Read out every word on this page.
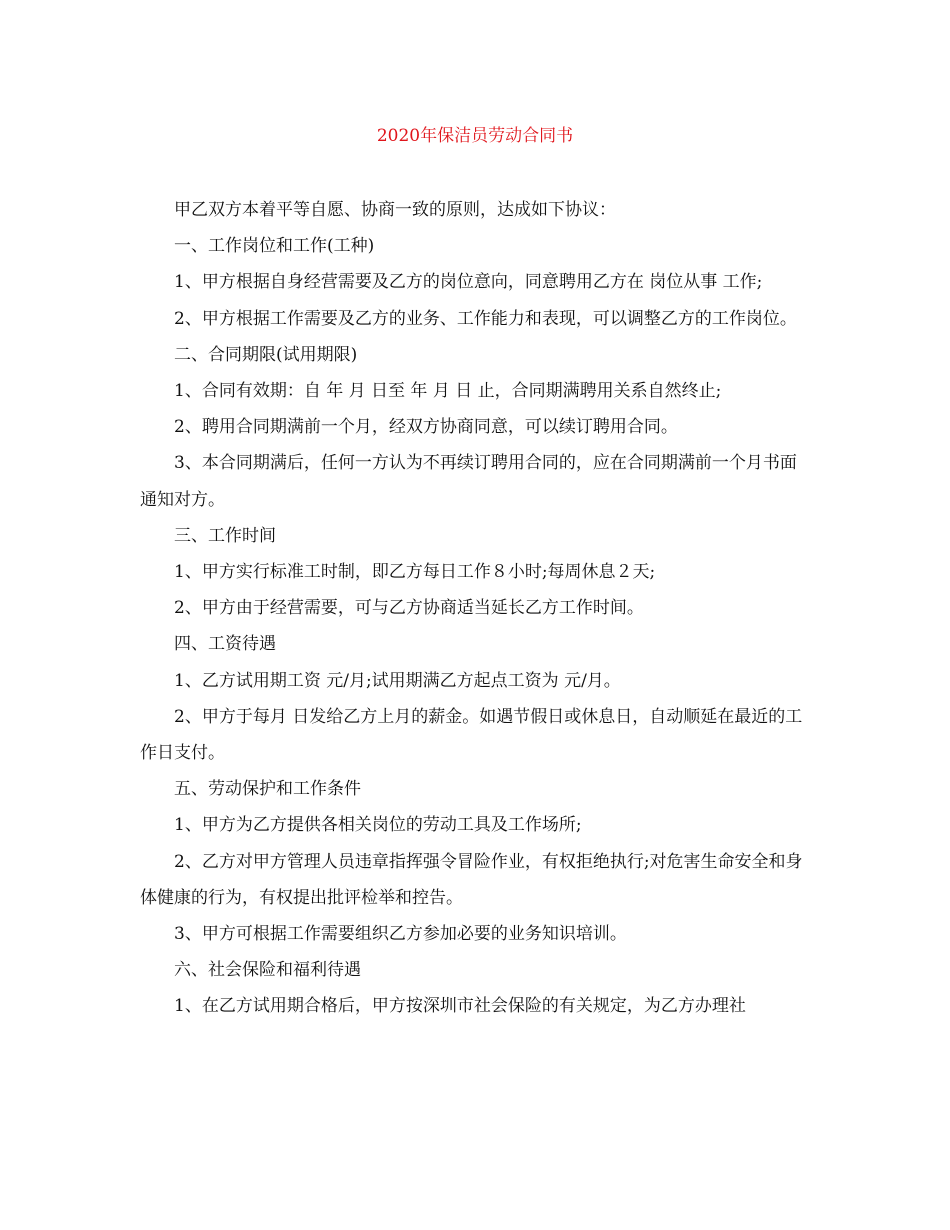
2020年保洁员劳动合同书

甲乙双方本着平等自愿、协商一致的原则，达成如下协议：

一、工作岗位和工作(工种)

1、甲方根据自身经营需要及乙方的岗位意向，同意聘用乙方在 岗位从事 工作;

2、甲方根据工作需要及乙方的业务、工作能力和表现，可以调整乙方的工作岗位。

二、合同期限(试用期限)

1、合同有效期：自 年 月 日至 年 月 日 止，合同期满聘用关系自然终止;

2、聘用合同期满前一个月，经双方协商同意，可以续订聘用合同。

3、本合同期满后，任何一方认为不再续订聘用合同的，应在合同期满前一个月书面通知对方。

三、工作时间

1、甲方实行标准工时制，即乙方每日工作８小时;每周休息２天;

2、甲方由于经营需要，可与乙方协商适当延长乙方工作时间。

四、工资待遇

1、乙方试用期工资 元/月;试用期满乙方起点工资为 元/月。

2、甲方于每月 日发给乙方上月的薪金。如遇节假日或休息日，自动顺延在最近的工作日支付。

五、劳动保护和工作条件

1、甲方为乙方提供各相关岗位的劳动工具及工作场所;

2、乙方对甲方管理人员违章指挥强令冒险作业，有权拒绝执行;对危害生命安全和身体健康的行为，有权提出批评检举和控告。

3、甲方可根据工作需要组织乙方参加必要的业务知识培训。

六、社会保险和福利待遇

1、在乙方试用期合格后，甲方按深圳市社会保险的有关规定，为乙方办理社
